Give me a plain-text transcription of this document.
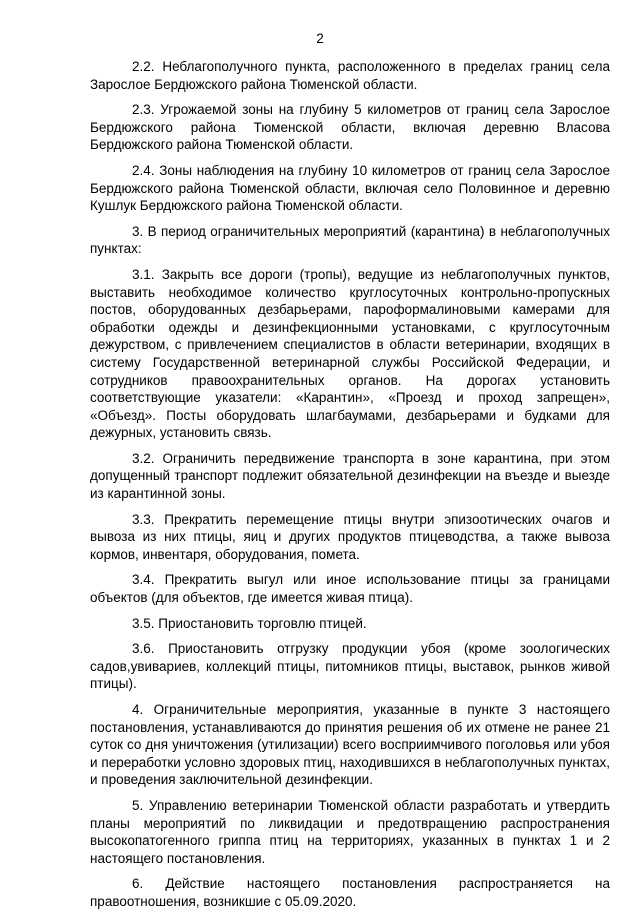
2

2.2. Неблагополучного пункта, расположенного в пределах границ села Зарослое Бердюжского района Тюменской области.

2.3. Угрожаемой зоны на глубину 5 километров от границ села Зарослое Бердюжского района Тюменской области, включая деревню Власова Бердюжского района Тюменской области.

2.4. Зоны наблюдения на глубину 10 километров от границ села Зарослое Бердюжского района Тюменской области, включая село Половинное и деревню Кушлук Бердюжского района Тюменской области.

3. В период ограничительных мероприятий (карантина) в неблагополучных пунктах:

3.1. Закрыть все дороги (тропы), ведущие из неблагополучных пунктов, выставить необходимое количество круглосуточных контрольно-пропускных постов, оборудованных дезбарьерами, пароформалиновыми камерами для обработки одежды и дезинфекционными установками, с круглосуточным дежурством, с привлечением специалистов в области ветеринарии, входящих в систему Государственной ветеринарной службы Российской Федерации, и сотрудников правоохранительных органов. На дорогах установить соответствующие указатели: «Карантин», «Проезд и проход запрещен», «Объезд». Посты оборудовать шлагбаумами, дезбарьерами и будками для дежурных, установить связь.

3.2. Ограничить передвижение транспорта в зоне карантина, при этом допущенный транспорт подлежит обязательной дезинфекции на въезде и выезде из карантинной зоны.

3.3. Прекратить перемещение птицы внутри эпизоотических очагов и вывоза из них птицы, яиц и других продуктов птицеводства, а также вывоза кормов, инвентаря, оборудования, помета.

3.4. Прекратить выгул или иное использование птицы за границами объектов (для объектов, где имеется живая птица).

3.5. Приостановить торговлю птицей.

3.6. Приостановить отгрузку продукции убоя (кроме зоологических садов,увивариев, коллекций птицы, питомников птицы, выставок, рынков живой птицы).

4. Ограничительные мероприятия, указанные в пункте 3 настоящего постановления, устанавливаются до принятия решения об их отмене не ранее 21 суток со дня уничтожения (утилизации) всего восприимчивого поголовья или убоя и переработки условно здоровых птиц, находившихся в неблагополучных пунктах, и проведения заключительной дезинфекции.

5. Управлению ветеринарии Тюменской области разработать и утвердить планы мероприятий по ликвидации и предотвращению распространения высокопатогенного гриппа птиц на территориях, указанных в пунктах 1 и 2 настоящего постановления.

6. Действие настоящего постановления распространяется на правоотношения, возникшие с 05.09.2020.
